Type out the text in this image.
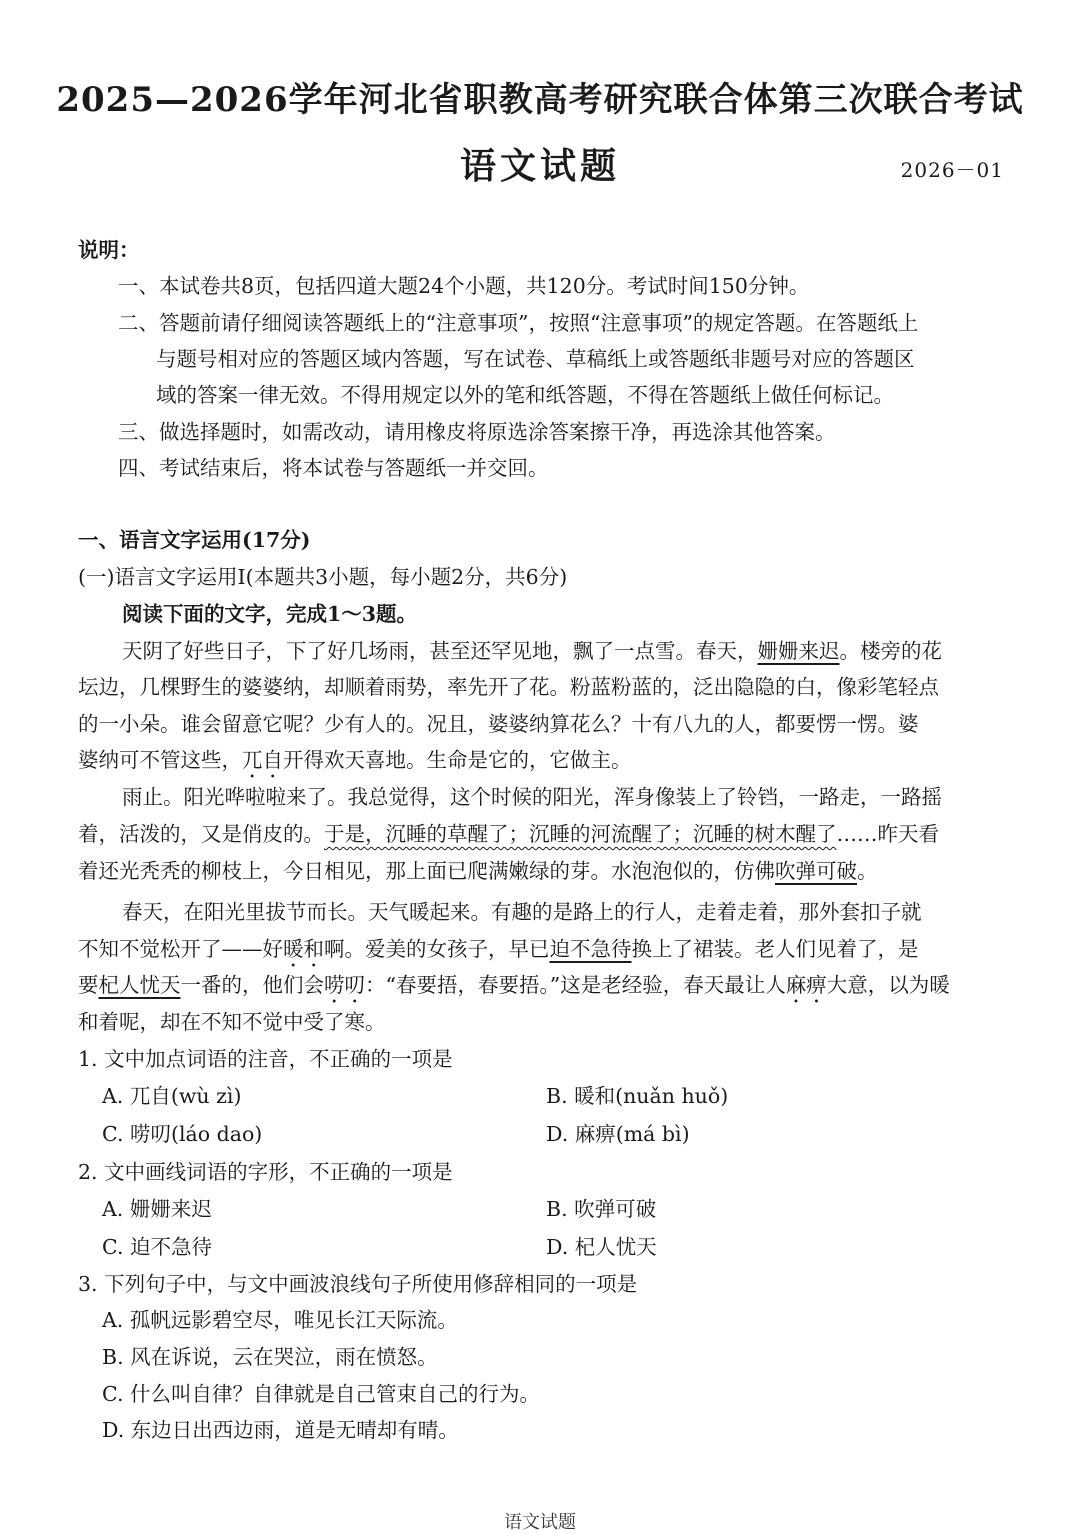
2025—2026学年河北省职教高考研究联合体第三次联合考试
语文试题	2026－01
说明：
一、本试卷共8页，包括四道大题24个小题，共120分。考试时间150分钟。
二、答题前请仔细阅读答题纸上的“注意事项”，按照“注意事项”的规定答题。在答题纸上
与题号相对应的答题区域内答题，写在试卷、草稿纸上或答题纸非题号对应的答题区
域的答案一律无效。不得用规定以外的笔和纸答题，不得在答题纸上做任何标记。
三、做选择题时，如需改动，请用橡皮将原选涂答案擦干净，再选涂其他答案。
四、考试结束后，将本试卷与答题纸一并交回。
一、语言文字运用(17分)
(一)语言文字运用Ⅰ(本题共3小题，每小题2分，共6分)
阅读下面的文字，完成1～3题。
天阴了好些日子，下了好几场雨，甚至还罕见地，飘了一点雪。春天，姗姗来迟。楼旁的花
坛边，几棵野生的婆婆纳，却顺着雨势，率先开了花。粉蓝粉蓝的，泛出隐隐的白，像彩笔轻点
的一小朵。谁会留意它呢？少有人的。况且，婆婆纳算花么？十有八九的人，都要愣一愣。婆
婆纳可不管这些，兀自开得欢天喜地。生命是它的，它做主。
雨止。阳光哗啦啦来了。我总觉得，这个时候的阳光，浑身像装上了铃铛，一路走，一路摇
着，活泼的，又是俏皮的。于是，沉睡的草醒了；沉睡的河流醒了；沉睡的树木醒了……昨天看
着还光秃秃的柳枝上，今日相见，那上面已爬满嫩绿的芽。水泡泡似的，仿佛吹弹可破。
春天，在阳光里拔节而长。天气暖起来。有趣的是路上的行人，走着走着，那外套扣子就
不知不觉松开了——好暖和啊。爱美的女孩子，早已迫不急待换上了裙装。老人们见着了，是
要杞人忧天一番的，他们会唠叨：“春要捂，春要捂。”这是老经验，春天最让人麻痹大意，以为暖
和着呢，却在不知不觉中受了寒。
1. 文中加点词语的注音，不正确的一项是
A. 兀自(wù zì)	B. 暖和(nuǎn huǒ)
C. 唠叨(láo dao)	D. 麻痹(má bì)
2. 文中画线词语的字形，不正确的一项是
A. 姗姗来迟	B. 吹弹可破
C. 迫不急待	D. 杞人忧天
3. 下列句子中，与文中画波浪线句子所使用修辞相同的一项是
A. 孤帆远影碧空尽，唯见长江天际流。
B. 风在诉说，云在哭泣，雨在愤怒。
C. 什么叫自律？自律就是自己管束自己的行为。
D. 东边日出西边雨，道是无晴却有晴。
语文试题
